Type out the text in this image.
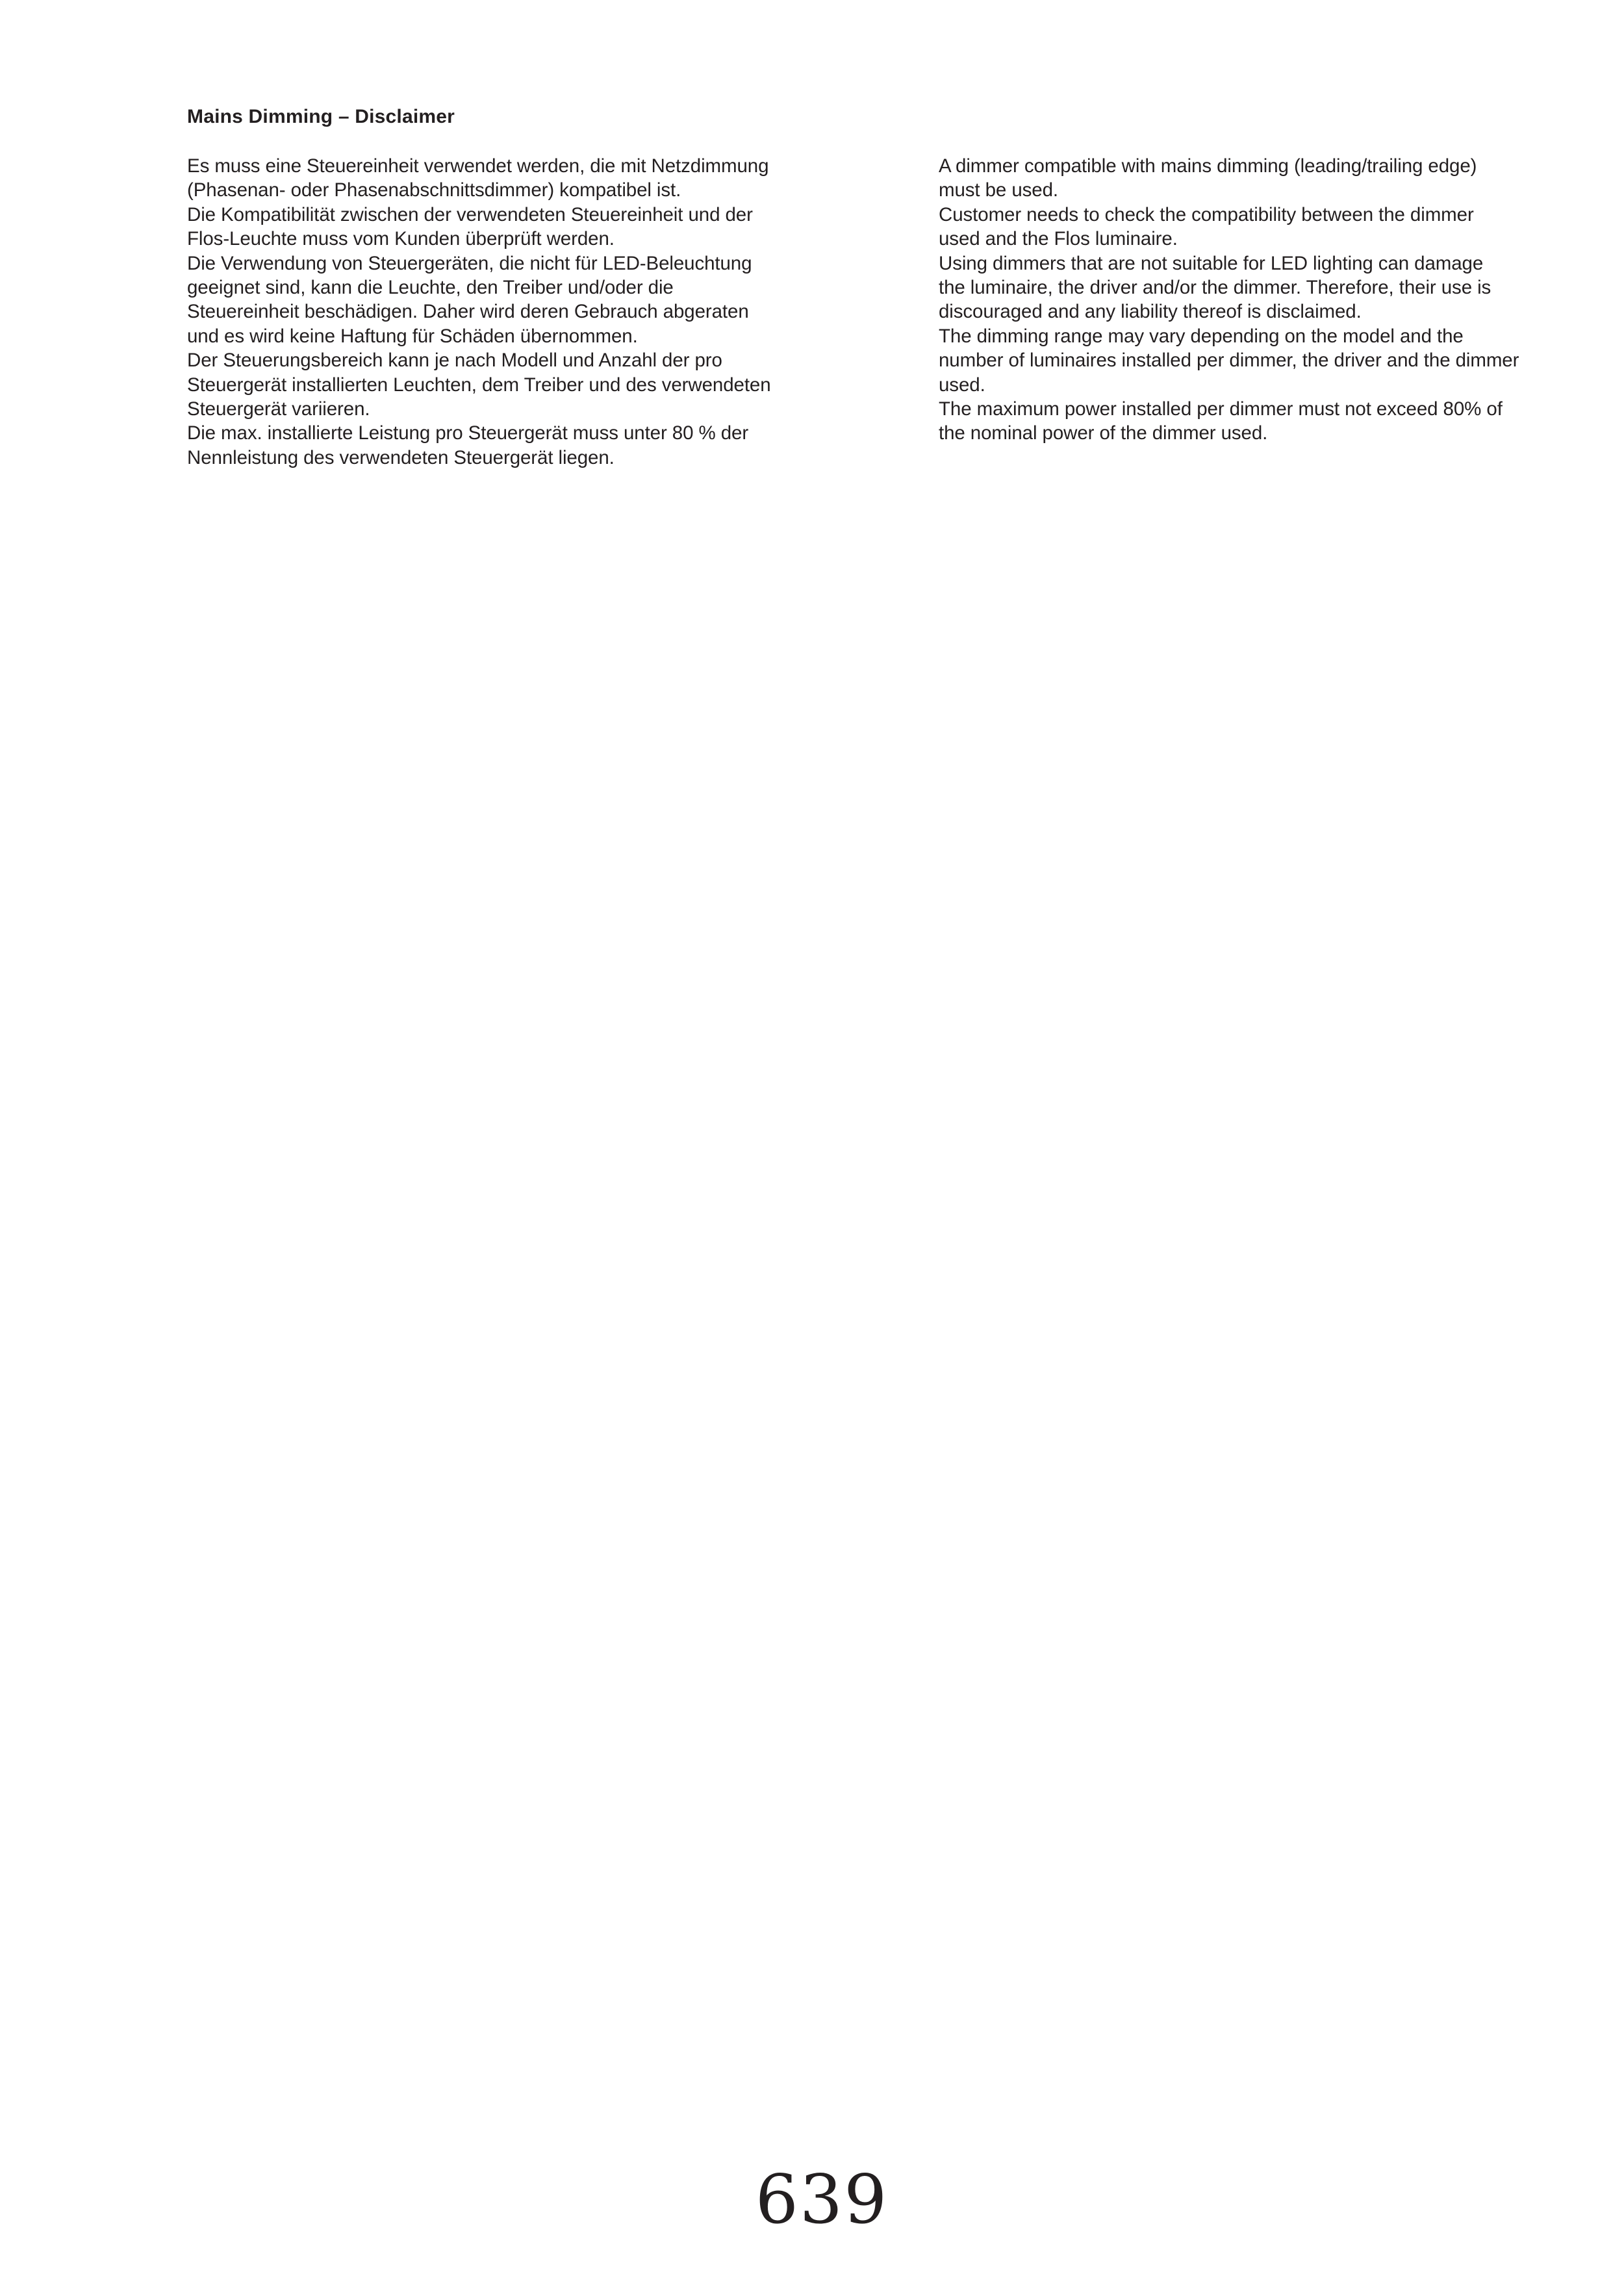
Mains Dimming – Disclaimer
Es muss eine Steuereinheit verwendet werden, die mit Netzdimmung
(Phasenan- oder Phasenabschnittsdimmer) kompatibel ist.
Die Kompatibilität zwischen der verwendeten Steuereinheit und der
Flos-Leuchte muss vom Kunden überprüft werden.
Die Verwendung von Steuergeräten, die nicht für LED-Beleuchtung
geeignet sind, kann die Leuchte, den Treiber und/oder die
Steuereinheit beschädigen. Daher wird deren Gebrauch abgeraten
und es wird keine Haftung für Schäden übernommen.
Der Steuerungsbereich kann je nach Modell und Anzahl der pro
Steuergerät installierten Leuchten, dem Treiber und des verwendeten
Steuergerät variieren.
Die max. installierte Leistung pro Steuergerät muss unter 80 % der
Nennleistung des verwendeten Steuergerät liegen.
A dimmer compatible with mains dimming (leading/trailing edge)
must be used.
Customer needs to check the compatibility between the dimmer
used and the Flos luminaire.
Using dimmers that are not suitable for LED lighting can damage
the luminaire, the driver and/or the dimmer. Therefore, their use is
discouraged and any liability thereof is disclaimed.
The dimming range may vary depending on the model and the
number of luminaires installed per dimmer, the driver and the dimmer
used.
The maximum power installed per dimmer must not exceed 80% of
the nominal power of the dimmer used.
639
